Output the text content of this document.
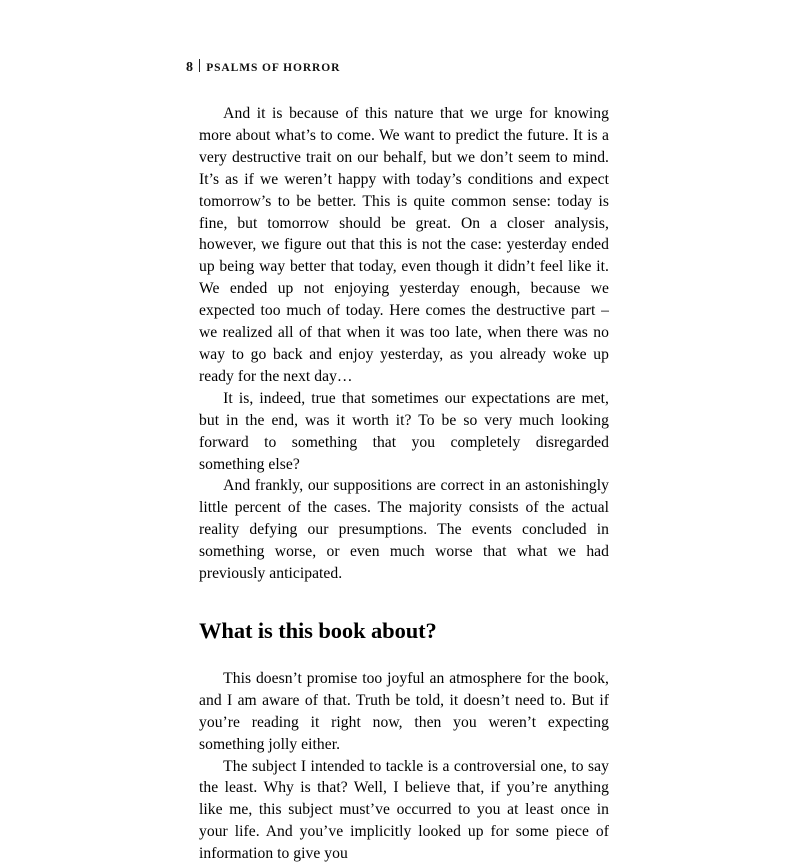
8 PSALMS OF HORROR

And it is because of this nature that we urge for knowing more about what’s to come. We want to predict the future. It is a very destructive trait on our behalf, but we don’t seem to mind. It’s as if we weren’t happy with today’s conditions and expect tomorrow’s to be better. This is quite common sense: today is fine, but tomorrow should be great. On a closer analysis, however, we figure out that this is not the case: yesterday ended up being way better that today, even though it didn’t feel like it. We ended up not enjoying yesterday enough, because we expected too much of today. Here comes the destructive part – we realized all of that when it was too late, when there was no way to go back and enjoy yesterday, as you already woke up ready for the next day…

It is, indeed, true that sometimes our expectations are met, but in the end, was it worth it? To be so very much looking forward to something that you completely disregarded something else?

And frankly, our suppositions are correct in an astonishingly little percent of the cases. The majority consists of the actual reality defying our presumptions. The events concluded in something worse, or even much worse that what we had previously anticipated.

What is this book about?

This doesn’t promise too joyful an atmosphere for the book, and I am aware of that. Truth be told, it doesn’t need to. But if you’re reading it right now, then you weren’t expecting something jolly either.

The subject I intended to tackle is a controversial one, to say the least. Why is that? Well, I believe that, if you’re anything like me, this subject must’ve occurred to you at least once in your life. And you’ve implicitly looked up for some piece of information to give you
